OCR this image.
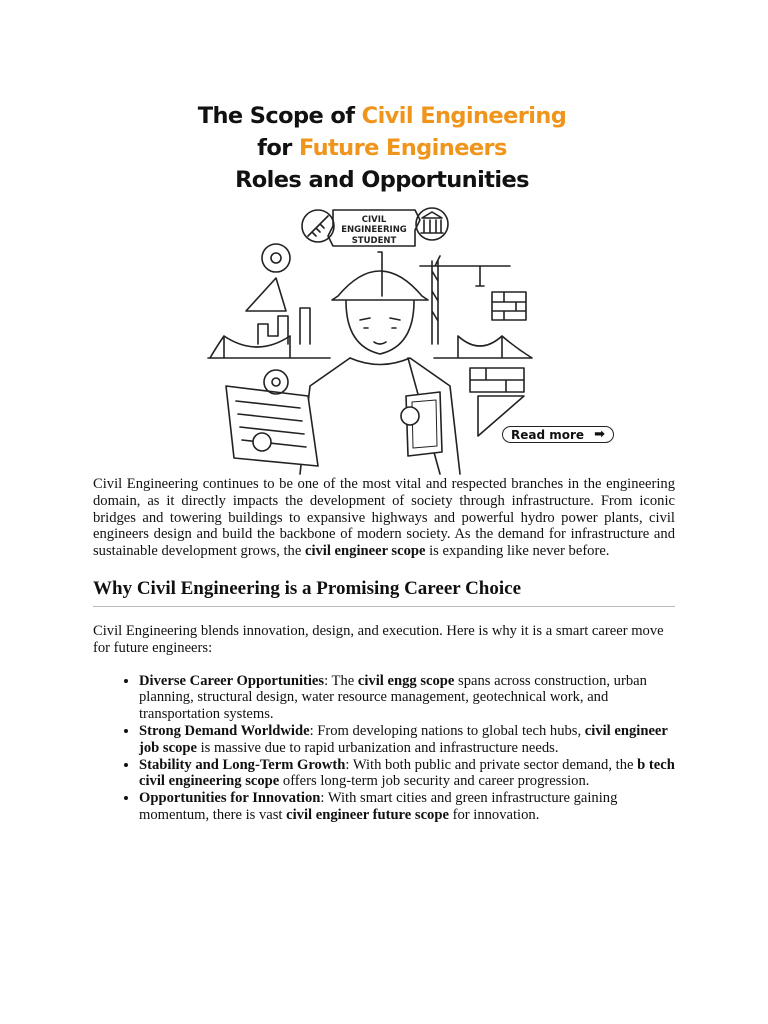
The Scope of Civil Engineering
for Future Engineers
Roles and Opportunities
CIVIL
ENGINEERING
STUDENT
Read more ➡

Civil Engineering continues to be one of the most vital and respected branches in the engineering domain, as it directly impacts the development of society through infrastructure. From iconic bridges and towering buildings to expansive highways and powerful hydro power plants, civil engineers design and build the backbone of modern society. As the demand for infrastructure and sustainable development grows, the civil engineer scope is expanding like never before.

Why Civil Engineering is a Promising Career Choice

Civil Engineering blends innovation, design, and execution. Here is why it is a smart career move for future engineers:

• Diverse Career Opportunities: The civil engg scope spans across construction, urban planning, structural design, water resource management, geotechnical work, and transportation systems.
• Strong Demand Worldwide: From developing nations to global tech hubs, civil engineer job scope is massive due to rapid urbanization and infrastructure needs.
• Stability and Long-Term Growth: With both public and private sector demand, the b tech civil engineering scope offers long-term job security and career progression.
• Opportunities for Innovation: With smart cities and green infrastructure gaining momentum, there is vast civil engineer future scope for innovation.
